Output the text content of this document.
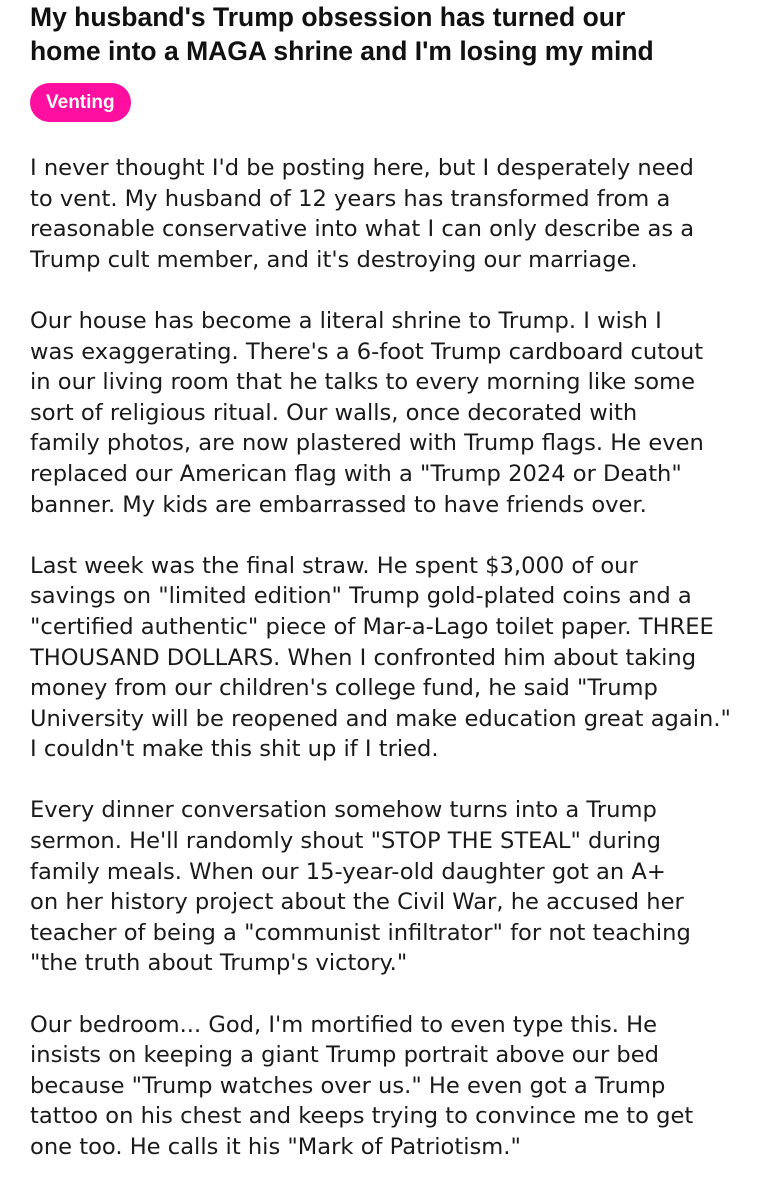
My husband's Trump obsession has turned our
home into a MAGA shrine and I'm losing my mind
Venting

I never thought I'd be posting here, but I desperately need
to vent. My husband of 12 years has transformed from a
reasonable conservative into what I can only describe as a
Trump cult member, and it's destroying our marriage.

Our house has become a literal shrine to Trump. I wish I
was exaggerating. There's a 6-foot Trump cardboard cutout
in our living room that he talks to every morning like some
sort of religious ritual. Our walls, once decorated with
family photos, are now plastered with Trump flags. He even
replaced our American flag with a "Trump 2024 or Death"
banner. My kids are embarrassed to have friends over.

Last week was the final straw. He spent $3,000 of our
savings on "limited edition" Trump gold-plated coins and a
"certified authentic" piece of Mar-a-Lago toilet paper. THREE
THOUSAND DOLLARS. When I confronted him about taking
money from our children's college fund, he said "Trump
University will be reopened and make education great again."
I couldn't make this shit up if I tried.

Every dinner conversation somehow turns into a Trump
sermon. He'll randomly shout "STOP THE STEAL" during
family meals. When our 15-year-old daughter got an A+
on her history project about the Civil War, he accused her
teacher of being a "communist infiltrator" for not teaching
"the truth about Trump's victory."

Our bedroom... God, I'm mortified to even type this. He
insists on keeping a giant Trump portrait above our bed
because "Trump watches over us." He even got a Trump
tattoo on his chest and keeps trying to convince me to get
one too. He calls it his "Mark of Patriotism."
